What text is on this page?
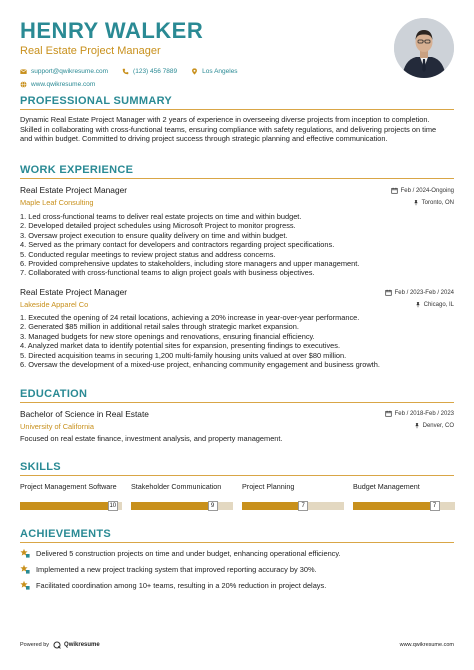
HENRY WALKER
Real Estate Project Manager
support@qwikresume.com	(123) 456 7889	Los Angeles
www.qwikresume.com
PROFESSIONAL SUMMARY
Dynamic Real Estate Project Manager with 2 years of experience in overseeing diverse projects from inception to completion. Skilled in collaborating with cross-functional teams, ensuring compliance with safety regulations, and delivering projects on time and within budget. Committed to driving project success through strategic planning and effective communication.
WORK EXPERIENCE
Real Estate Project Manager
Maple Leaf Consulting
Feb / 2024-Ongoing
Toronto, ON
1. Led cross-functional teams to deliver real estate projects on time and within budget.
2. Developed detailed project schedules using Microsoft Project to monitor progress.
3. Oversaw project execution to ensure quality delivery on time and within budget.
4. Served as the primary contact for developers and contractors regarding project specifications.
5. Conducted regular meetings to review project status and address concerns.
6. Provided comprehensive updates to stakeholders, including store managers and upper management.
7. Collaborated with cross-functional teams to align project goals with business objectives.
Real Estate Project Manager
Lakeside Apparel Co
Feb / 2023-Feb / 2024
Chicago, IL
1. Executed the opening of 24 retail locations, achieving a 20% increase in year-over-year performance.
2. Generated $85 million in additional retail sales through strategic market expansion.
3. Managed budgets for new store openings and renovations, ensuring financial efficiency.
4. Analyzed market data to identify potential sites for expansion, presenting findings to executives.
5. Directed acquisition teams in securing 1,200 multi-family housing units valued at over $80 million.
6. Oversaw the development of a mixed-use project, enhancing community engagement and business growth.
EDUCATION
Bachelor of Science in Real Estate
University of California
Feb / 2018-Feb / 2023
Denver, CO
Focused on real estate finance, investment analysis, and property management.
SKILLS
Project Management Software
10
Stakeholder Communication
9
Project Planning
7
Budget Management
7
ACHIEVEMENTS
Delivered 5 construction projects on time and under budget, enhancing operational efficiency.
Implemented a new project tracking system that improved reporting accuracy by 30%.
Facilitated coordination among 10+ teams, resulting in a 20% reduction in project delays.
Powered by	Qwikresume	www.qwikresume.com
